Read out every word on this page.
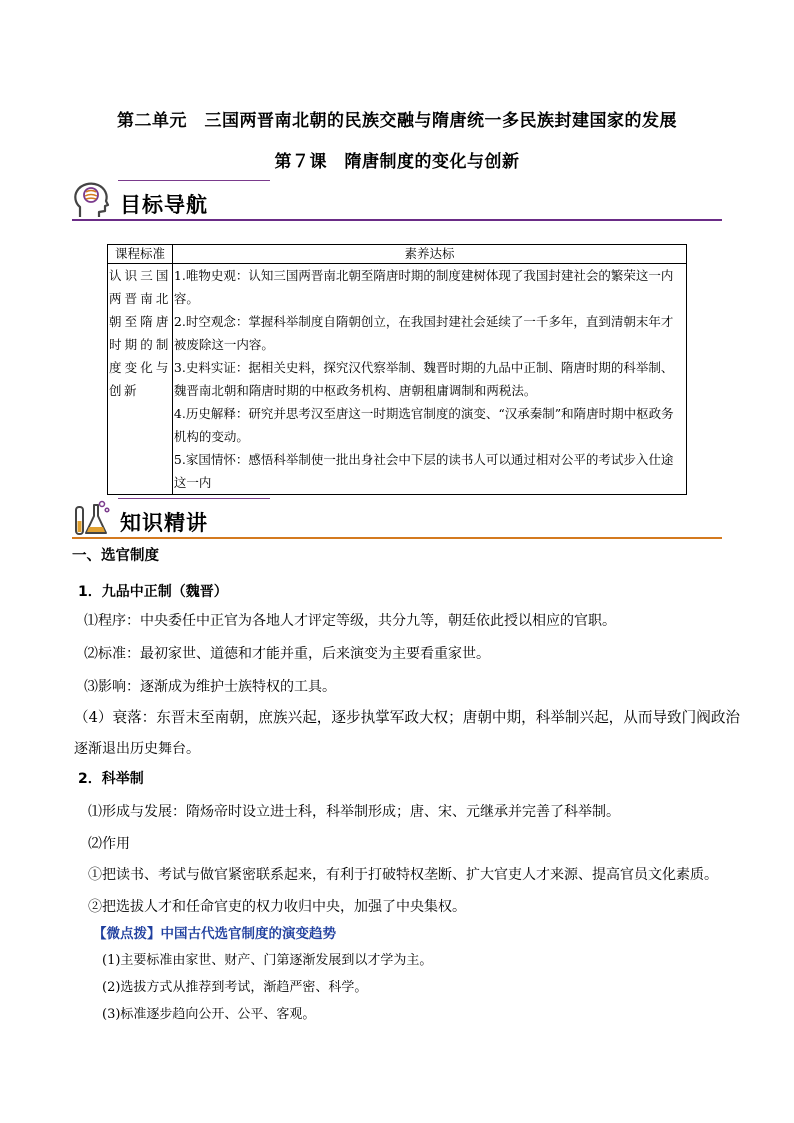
第二单元　三国两晋南北朝的民族交融与隋唐统一多民族封建国家的发展
第７课　隋唐制度的变化与创新
目标导航
课程标准	素养达标
认识三国两晋南北朝至隋唐时期的制度变化与创新	1.唯物史观：认知三国两晋南北朝至隋唐时期的制度建树体现了我国封建社会的繁荣这一内容。
2.时空观念：掌握科举制度自隋朝创立，在我国封建社会延续了一千多年，直到清朝末年才被废除这一内容。
3.史料实证：据相关史料，探究汉代察举制、魏晋时期的九品中正制、隋唐时期的科举制、魏晋南北朝和隋唐时期的中枢政务机构、唐朝租庸调制和两税法。
4.历史解释：研究并思考汉至唐这一时期选官制度的演变、“汉承秦制”和隋唐时期中枢政务机构的变动。
5.家国情怀：感悟科举制使一批出身社会中下层的读书人可以通过相对公平的考试步入仕途这一内
知识精讲
一、选官制度
1．九品中正制（魏晋）
⑴程序：中央委任中正官为各地人才评定等级，共分九等，朝廷依此授以相应的官职。
⑵标准：最初家世、道德和才能并重，后来演变为主要看重家世。
⑶影响：逐渐成为维护士族特权的工具。
（4）衰落：东晋末至南朝，庶族兴起，逐步执掌军政大权；唐朝中期，科举制兴起，从而导致门阀政治
逐渐退出历史舞台。
2．科举制
⑴形成与发展：隋炀帝时设立进士科，科举制形成；唐、宋、元继承并完善了科举制。
⑵作用
①把读书、考试与做官紧密联系起来，有利于打破特权垄断、扩大官吏人才来源、提高官员文化素质。
②把选拔人才和任命官吏的权力收归中央，加强了中央集权。
【微点拨】中国古代选官制度的演变趋势
(1)主要标准由家世、财产、门第逐渐发展到以才学为主。
(2)选拔方式从推荐到考试，渐趋严密、科学。
(3)标准逐步趋向公开、公平、客观。
